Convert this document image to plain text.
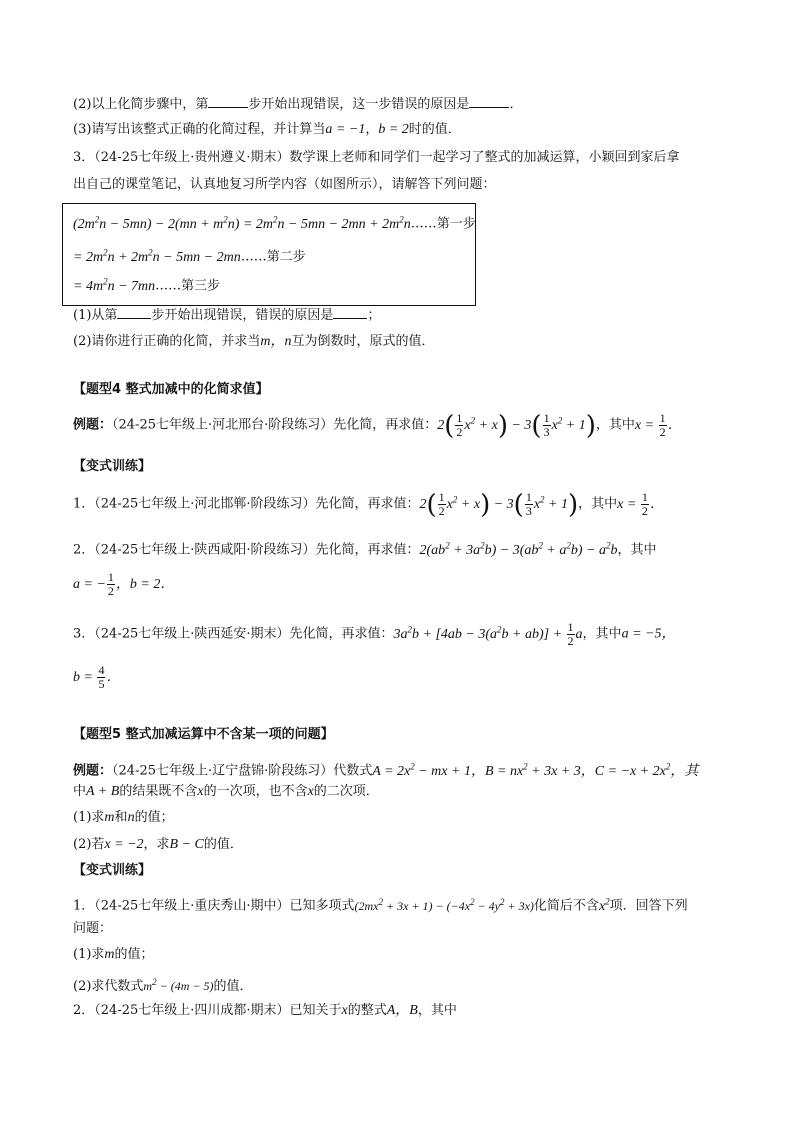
(2)以上化简步骤中，第	步开始出现错误，这一步错误的原因是	．
(3)请写出该整式正确的化简过程，并计算当a = −1，b = 2时的值．
3．（24-25七年级上·贵州遵义·期末）数学课上老师和同学们一起学习了整式的加减运算，小颖回到家后拿
出自己的课堂笔记，认真地复习所学内容（如图所示），请解答下列问题：
$(2m^2n - 5mn) - 2(mn + m^2n) = 2m^2n - 5mn - 2mn$ + $2m^2n\dots\dots$第一步
= $2m^2n + 2m^2n - 5mn$ − 2mn……第二步
= $4m^2n$ − 7mn……第三步
(1)从第	步开始出现错误，错误的原因是	；
(2)请你进行正确的化简，并求当m，n互为倒数时，原式的值．
【题型4 整式加减中的化简求值】
例题：（24-25七年级上·河北邢台·阶段练习）先化简，再求值：$2( \frac{1}{2} x^2 + x) - 3( \frac{1}{3} x^2 + 1)$，其中$x = \frac{1}{2}$ ．
【变式训练】
1．（24-25七年级上·河北邯郸·阶段练习）先化简，再求值：$2( \frac{1}{2} x^2 + x) - 3( \frac{1}{3} x^2 + 1)$，其中$x = \frac{1}{2}$ ．
2．（24-25七年级上·陕西咸阳·阶段练习）先化简，再求值：$2(ab^2 + 3a^2b) - 3(ab^2 + a^2b) - a^2b$，其中
a = − $\frac{1}{2}$ ，b = 2．
3．（24-25七年级上·陕西延安·期末）先化简，再求值：$3a^2b + [4ab - 3(a^2b + ab)] + \frac{1}{2}$ a，其中a = −5，
$b = \frac{4}{5}$ ．
【题型5 整式加减运算中不含某一项的问题】
例题：（24-25七年级上·辽宁盘锦·阶段练习）代数式$A = 2x^2$ − mx + 1，$B = nx^2 + 3x + 3$，$C = -x + 2x^2$，其
中A + B的结果既不含x的一次项，也不含x的二次项．
(1)求m和n的值；
(2)若x = −2，求B − C的值．
【变式训练】
1．（24-25七年级上·重庆秀山·期中）已知多项式$(2mx^2 + 3x + 1) - (-4x^2 - 4y^2 + 3x)$化简后不含$x^2$项．回答下列
问题：
(1)求m的值；
(2)求代数式$m^2 - (4m - 5)$的值．
2．（24-25七年级上·四川成都·期末）已知关于x的整式A，B，其中
